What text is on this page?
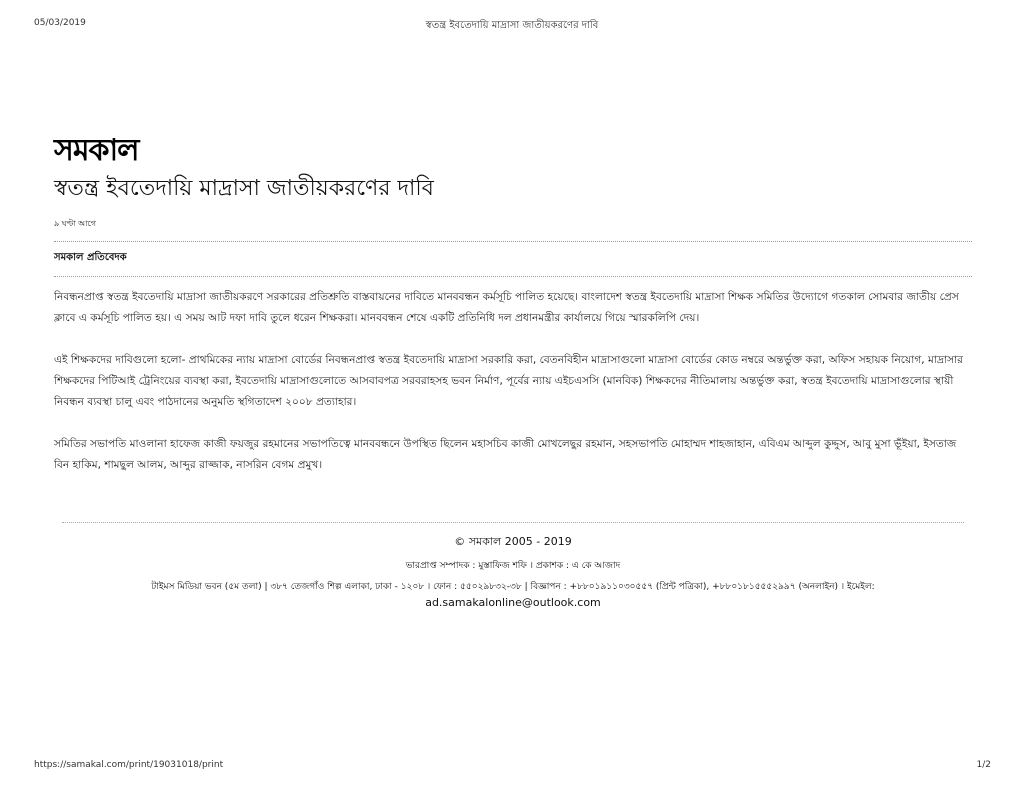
05/03/2019	স্বতন্ত্র ইবতেদায়ি মাদ্রাসা জাতীয়করণের দাবি
সমকাল
স্বতন্ত্র ইবতেদায়ি মাদ্রাসা জাতীয়করণের দাবি
৯ ঘণ্টা আগে
সমকাল প্রতিবেদক

নিবন্ধনপ্রাপ্ত স্বতন্ত্র ইবতেদায়ি মাদ্রাসা জাতীয়করণে সরকারের প্রতিশ্রুতি বাস্তবায়নের দাবিতে মানববন্ধন কর্মসূচি পালিত হয়েছে। বাংলাদেশ স্বতন্ত্র ইবতেদায়ি মাদ্রাসা শিক্ষক সমিতির উদ্যোগে গতকাল সোমবার জাতীয় প্রেস ক্লাবে এ কর্মসূচি পালিত হয়। এ সময় আট দফা দাবি তুলে ধরেন শিক্ষকরা। মানববন্ধন শেষে একটি প্রতিনিধি দল প্রধানমন্ত্রীর কার্যালয়ে গিয়ে স্মারকলিপি দেয়।

এই শিক্ষকদের দাবিগুলো হলো- প্রাথমিকের ন্যায় মাদ্রাসা বোর্ডের নিবন্ধনপ্রাপ্ত স্বতন্ত্র ইবতেদায়ি মাদ্রাসা সরকারি করা, বেতনবিহীন মাদ্রাসাগুলো মাদ্রাসা বোর্ডের কোড নম্বরে অন্তর্ভুক্ত করা, অফিস সহায়ক নিয়োগ, মাদ্রাসার শিক্ষকদের পিটিআই ট্রেনিংয়ের ব্যবস্থা করা, ইবতেদায়ি মাদ্রাসাগুলোতে আসবাবপত্র সরবরাহসহ ভবন নির্মাণ, পূর্বের ন্যায় এইচএসসি (মানবিক) শিক্ষকদের নীতিমালায় অন্তর্ভুক্ত করা, স্বতন্ত্র ইবতেদায়ি মাদ্রাসাগুলোর স্থায়ী নিবন্ধন ব্যবস্থা চালু এবং পাঠদানের অনুমতি স্থগিতাদেশ ২০০৮ প্রত্যাহার।

সমিতির সভাপতি মাওলানা হাফেজ কাজী ফয়জুর রহমানের সভাপতিত্বে মানববন্ধনে উপস্থিত ছিলেন মহাসচিব কাজী মোখলেছুর রহমান, সহসভাপতি মোহাম্মদ শাহজাহান, এবিএম আব্দুল কুদ্দুস, আবু মুসা ভূঁইয়া, ইসতাজ বিন হাকিম, শামছুল আলম, আব্দুর রাজ্জাক, নাসরিন বেগম প্রমুখ।

© সমকাল 2005 - 2019
ভারপ্রাপ্ত সম্পাদক : মুস্তাফিজ শফি । প্রকাশক : এ কে আজাদ
টাইমস মিডিয়া ভবন (৫ম তলা) | ৩৮৭ তেজগাঁও শিল্প এলাকা, ঢাকা - ১২০৮ । ফোন : ৫৫০২৯৮৩২-৩৮ | বিজ্ঞাপন : +৮৮০১৯১১০৩০৫৫৭ (প্রিন্ট পত্রিকা), +৮৮০১৮১৫৫৫২৯৯৭ (অনলাইন) । ইমেইল:
ad.samakalonline@outlook.com
https://samakal.com/print/19031018/print	1/2
